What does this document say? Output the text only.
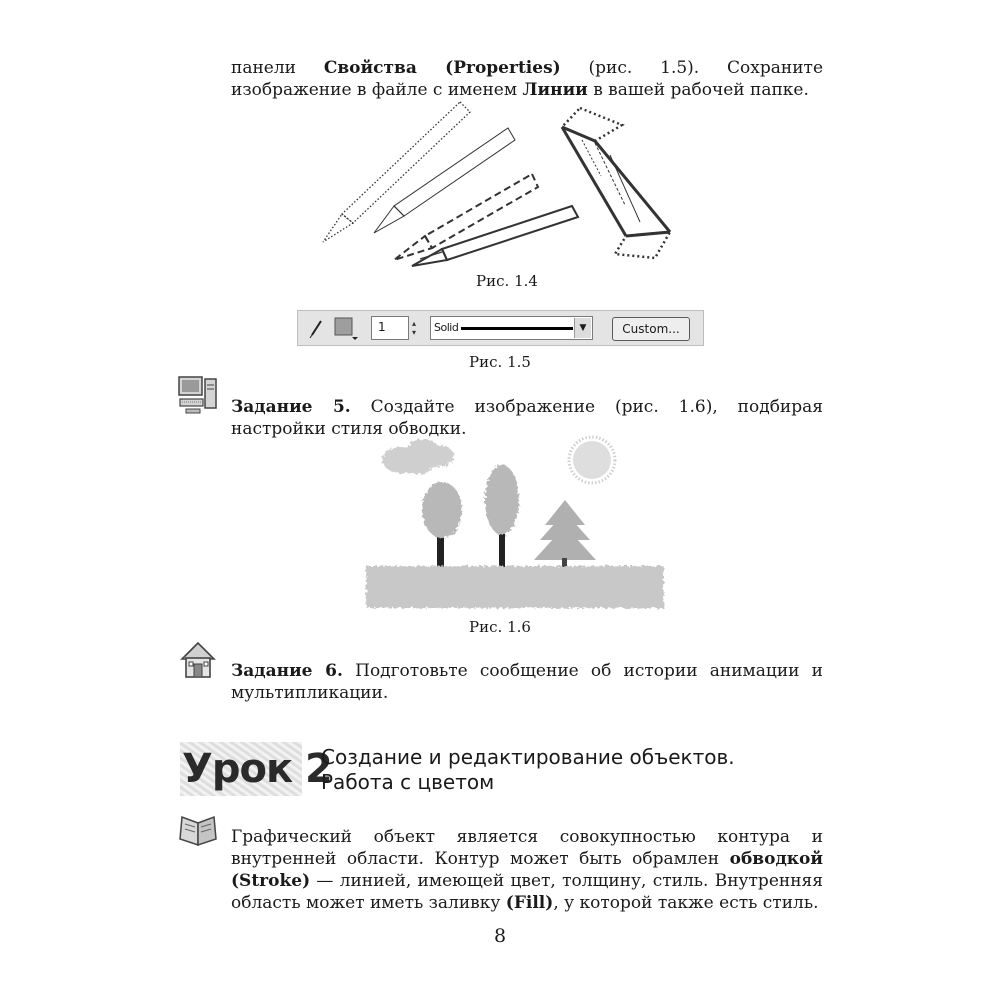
панели Свойства (Properties) (рис. 1.5). Сохраните изображение в файле с именем Линии в вашей рабочей папке.

Рис. 1.4
1	▴
▾	Solid	▼	Custom...
Рис. 1.5

Задание 5. Создайте изображение (рис. 1.6), подбирая настройки стиля обводки.

Рис. 1.6

Задание 6. Подготовьте сообщение об истории анимации и мультипликации.

Урок 2
Создание и редактирование объектов.
Работа с цветом

Графический объект является совокупностью контура и внутренней области. Контур может быть обрамлен обводкой (Stroke) — линией, имеющей цвет, толщину, стиль. Внутренняя область может иметь заливку (Fill), у которой также есть стиль.

8
